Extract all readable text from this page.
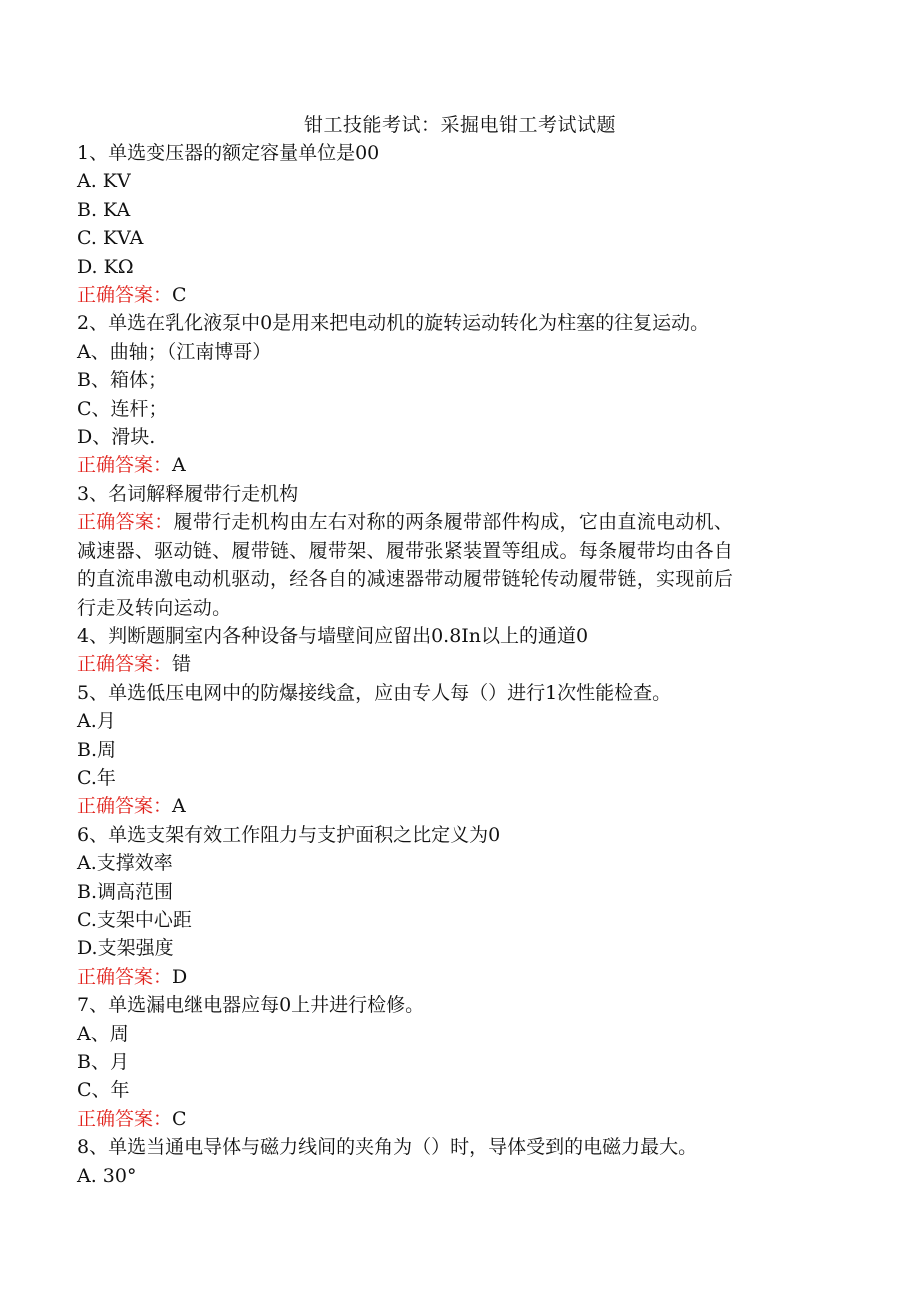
钳工技能考试：采掘电钳工考试试题

1、单选变压器的额定容量单位是00

A. KV

B. KA

C. KVA

D. KΩ

正确答案：C

2、单选在乳化液泵中0是用来把电动机的旋转运动转化为柱塞的往复运动。

A、曲轴；（江南博哥）

B、箱体；

C、连杆；

D、滑块.

正确答案：A

3、名词解释履带行走机构

正确答案：履带行走机构由左右对称的两条履带部件构成，它由直流电动机、

减速器、驱动链、履带链、履带架、履带张紧装置等组成。每条履带均由各自

的直流串激电动机驱动，经各自的减速器带动履带链轮传动履带链，实现前后

行走及转向运动。

4、判断题胴室内各种设备与墙壁间应留出0.8In以上的通道0

正确答案：错

5、单选低压电网中的防爆接线盒，应由专人每（）进行1次性能检查。

A.月

B.周

C.年

正确答案：A

6、单选支架有效工作阻力与支护面积之比定义为0

A.支撑效率

B.调高范围

C.支架中心距

D.支架强度

正确答案：D

7、单选漏电继电器应每0上井进行检修。

A、周

B、月

C、年

正确答案：C

8、单选当通电导体与磁力线间的夹角为（）时，导体受到的电磁力最大。

A. 30°
